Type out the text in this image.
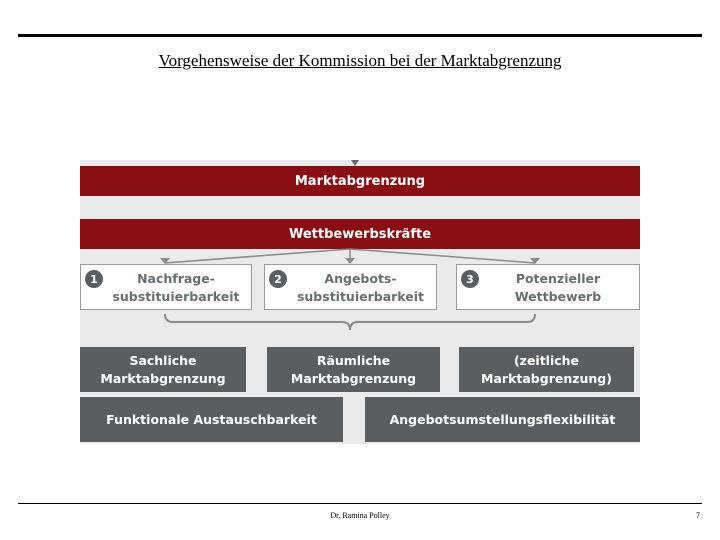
Vorgehensweise der Kommission bei der Marktabgrenzung
Marktabgrenzung
Wettbewerbskräfte
1	Nachfrage-
substituierbarkeit
2	Angebots-
substituierbarkeit
3	Potenzieller
Wettbewerb
Sachliche
Marktabgrenzung
Räumliche
Marktabgrenzung
(zeitliche
Marktabgrenzung)
Funktionale Austauschbarkeit	Angebotsumstellungsflexibilität
Dr. Ramina Polley	7
